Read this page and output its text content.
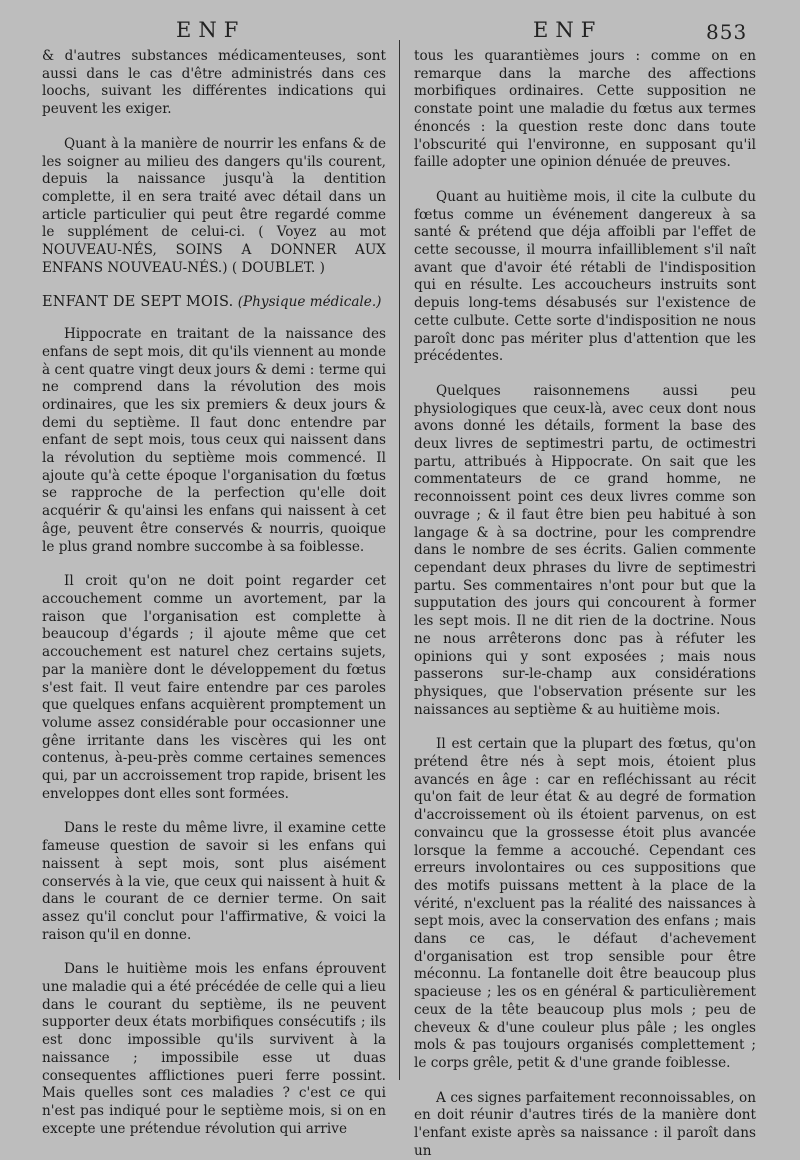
ENF	ENF	853

& d'autres substances médicamenteuses, sont aussi dans le cas d'être administrés dans ces loochs, suivant les différentes indications qui peuvent les exiger.

Quant à la manière de nourrir les enfans & de les soigner au milieu des dangers qu'ils courent, depuis la naissance jusqu'à la dentition complette, il en sera traité avec détail dans un article particulier qui peut être regardé comme le supplément de celui-ci. ( Voyez au mot NOUVEAU-NÉS, SOINS A DONNER AUX ENFANS NOUVEAU-NÉS.) ( DOUBLET. )

ENFANT DE SEPT MOIS. (Physique médicale.)

Hippocrate en traitant de la naissance des enfans de sept mois, dit qu'ils viennent au monde à cent quatre vingt deux jours & demi : terme qui ne comprend dans la révolution des mois ordinaires, que les six premiers & deux jours & demi du septième. Il faut donc entendre par enfant de sept mois, tous ceux qui naissent dans la révolution du septième mois commencé. Il ajoute qu'à cette époque l'organisation du fœtus se rapproche de la perfection qu'elle doit acquérir & qu'ainsi les enfans qui naissent à cet âge, peuvent être conservés & nourris, quoique le plus grand nombre succombe à sa foiblesse.

Il croit qu'on ne doit point regarder cet accouchement comme un avortement, par la raison que l'organisation est complette à beaucoup d'égards ; il ajoute même que cet accouchement est naturel chez certains sujets, par la manière dont le développement du fœtus s'est fait. Il veut faire entendre par ces paroles que quelques enfans acquièrent promptement un volume assez considérable pour occasionner une gêne irritante dans les viscères qui les ont contenus, à-peu-près comme certaines semences qui, par un accroissement trop rapide, brisent les enveloppes dont elles sont formées.

Dans le reste du même livre, il examine cette fameuse question de savoir si les enfans qui naissent à sept mois, sont plus aisément conservés à la vie, que ceux qui naissent à huit & dans le courant de ce dernier terme. On sait assez qu'il conclut pour l'affirmative, & voici la raison qu'il en donne.

Dans le huitième mois les enfans éprouvent une maladie qui a été précédée de celle qui a lieu dans le courant du septième, ils ne peuvent supporter deux états morbifiques consécutifs ; ils est donc impossible qu'ils survivent à la naissance ; impossibile esse ut duas consequentes afflictiones pueri ferre possint. Mais quelles sont ces maladies ? c'est ce qui n'est pas indiqué pour le septième mois, si on en excepte une prétendue révolution qui arrive

tous les quarantièmes jours : comme on en remarque dans la marche des affections morbifiques ordinaires. Cette supposition ne constate point une maladie du fœtus aux termes énoncés : la question reste donc dans toute l'obscurité qui l'environne, en supposant qu'il faille adopter une opinion dénuée de preuves.

Quant au huitième mois, il cite la culbute du fœtus comme un événement dangereux à sa santé & prétend que déja affoibli par l'effet de cette secousse, il mourra infailliblement s'il naît avant que d'avoir été rétabli de l'indisposition qui en résulte. Les accoucheurs instruits sont depuis long-tems désabusés sur l'existence de cette culbute. Cette sorte d'indisposition ne nous paroît donc pas mériter plus d'attention que les précédentes.

Quelques raisonnemens aussi peu physiologiques que ceux-là, avec ceux dont nous avons donné les détails, forment la base des deux livres de septimestri partu, de octimestri partu, attribués à Hippocrate. On sait que les commentateurs de ce grand homme, ne reconnoissent point ces deux livres comme son ouvrage ; & il faut être bien peu habitué à son langage & à sa doctrine, pour les comprendre dans le nombre de ses écrits. Galien commente cependant deux phrases du livre de septimestri partu. Ses commentaires n'ont pour but que la supputation des jours qui concourent à former les sept mois. Il ne dit rien de la doctrine. Nous ne nous arrêterons donc pas à réfuter les opinions qui y sont exposées ; mais nous passerons sur-le-champ aux considérations physiques, que l'observation présente sur les naissances au septième & au huitième mois.

Il est certain que la plupart des fœtus, qu'on prétend être nés à sept mois, étoient plus avancés en âge : car en refléchissant au récit qu'on fait de leur état & au degré de formation d'accroissement où ils étoient parvenus, on est convaincu que la grossesse étoit plus avancée lorsque la femme a accouché. Cependant ces erreurs involontaires ou ces suppositions que des motifs puissans mettent à la place de la vérité, n'excluent pas la réalité des naissances à sept mois, avec la conservation des enfans ; mais dans ce cas, le défaut d'achevement d'organisation est trop sensible pour être méconnu. La fontanelle doit être beaucoup plus spacieuse ; les os en général & particulièrement ceux de la tête beaucoup plus mols ; peu de cheveux & d'une couleur plus pâle ; les ongles mols & pas toujours organisés complettement ; le corps grêle, petit & d'une grande foiblesse.

A ces signes parfaitement reconnoissables, on en doit réunir d'autres tirés de la manière dont l'enfant existe après sa naissance : il paroît dans un
